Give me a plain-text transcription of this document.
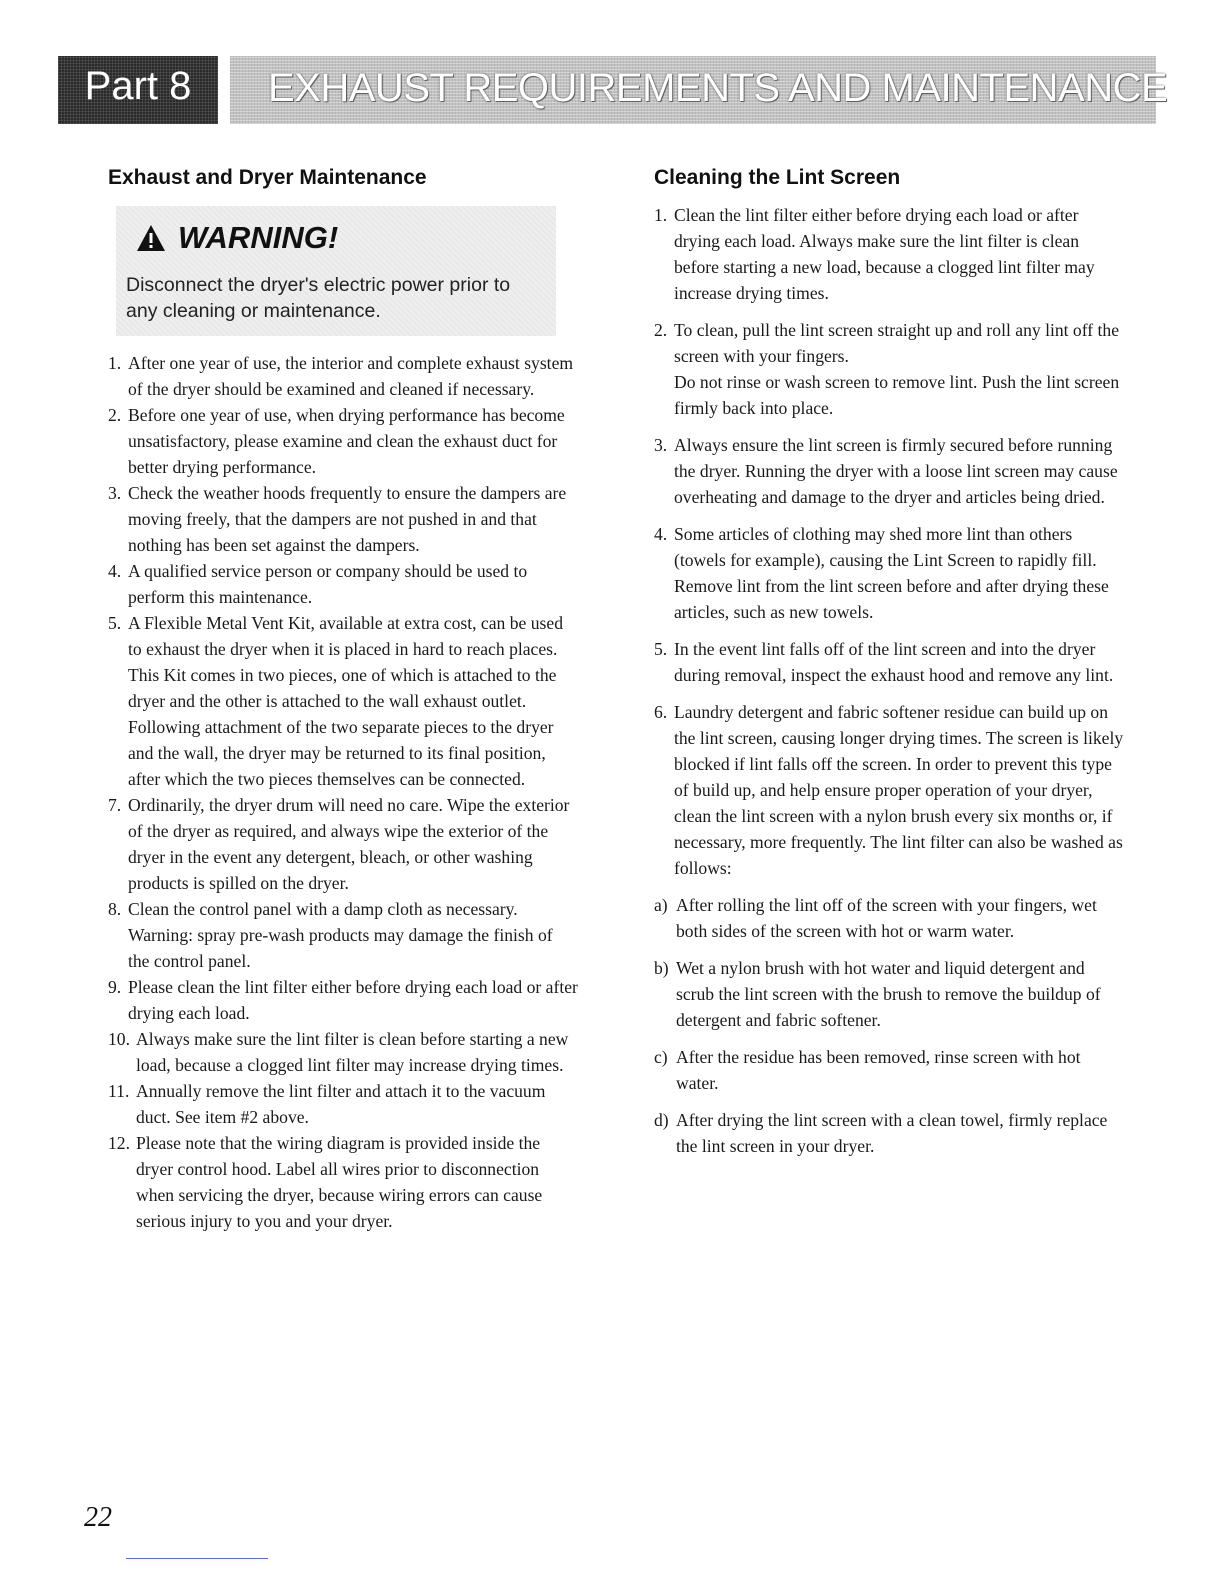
Part 8	EXHAUST REQUIREMENTS AND MAINTENANCE
Exhaust and Dryer Maintenance
WARNING!
Disconnect the dryer's electric power prior to any cleaning or maintenance.
1. After one year of use, the interior and complete exhaust system of the dryer should be examined and cleaned if necessary.
2. Before one year of use, when drying performance has become unsatisfactory, please examine and clean the exhaust duct for better drying performance.
3. Check the weather hoods frequently to ensure the dampers are moving freely, that the dampers are not pushed in and that nothing has been set against the dampers.
4. A qualified service person or company should be used to perform this maintenance.
5. A Flexible Metal Vent Kit, available at extra cost, can be used to exhaust the dryer when it is placed in hard to reach places. This Kit comes in two pieces, one of which is attached to the dryer and the other is attached to the wall exhaust outlet. Following attachment of the two separate pieces to the dryer and the wall, the dryer may be returned to its final position, after which the two pieces themselves can be connected.
7. Ordinarily, the dryer drum will need no care. Wipe the exterior of the dryer as required, and always wipe the exterior of the dryer in the event any detergent, bleach, or other washing products is spilled on the dryer.
8. Clean the control panel with a damp cloth as necessary. Warning: spray pre-wash products may damage the finish of the control panel.
9. Please clean the lint filter either before drying each load or after drying each load.
10. Always make sure the lint filter is clean before starting a new load, because a clogged lint filter may increase drying times.
11. Annually remove the lint filter and attach it to the vacuum duct. See item #2 above.
12. Please note that the wiring diagram is provided inside the dryer control hood. Label all wires prior to disconnection when servicing the dryer, because wiring errors can cause serious injury to you and your dryer.
Cleaning the Lint Screen
1. Clean the lint filter either before drying each load or after drying each load. Always make sure the lint filter is clean before starting a new load, because a clogged lint filter may increase drying times.
2. To clean, pull the lint screen straight up and roll any lint off the screen with your fingers.
Do not rinse or wash screen to remove lint. Push the lint screen firmly back into place.
3. Always ensure the lint screen is firmly secured before running the dryer. Running the dryer with a loose lint screen may cause overheating and damage to the dryer and articles being dried.
4. Some articles of clothing may shed more lint than others (towels for example), causing the Lint Screen to rapidly fill. Remove lint from the lint screen before and after drying these articles, such as new towels.
5. In the event lint falls off of the lint screen and into the dryer during removal, inspect the exhaust hood and remove any lint.
6. Laundry detergent and fabric softener residue can build up on the lint screen, causing longer drying times. The screen is likely blocked if lint falls off the screen. In order to prevent this type of build up, and help ensure proper operation of your dryer, clean the lint screen with a nylon brush every six months or, if necessary, more frequently. The lint filter can also be washed as follows:
a) After rolling the lint off of the screen with your fingers, wet both sides of the screen with hot or warm water.
b) Wet a nylon brush with hot water and liquid detergent and scrub the lint screen with the brush to remove the buildup of detergent and fabric softener.
c) After the residue has been removed, rinse screen with hot water.
d) After drying the lint screen with a clean towel, firmly replace the lint screen in your dryer.
22
